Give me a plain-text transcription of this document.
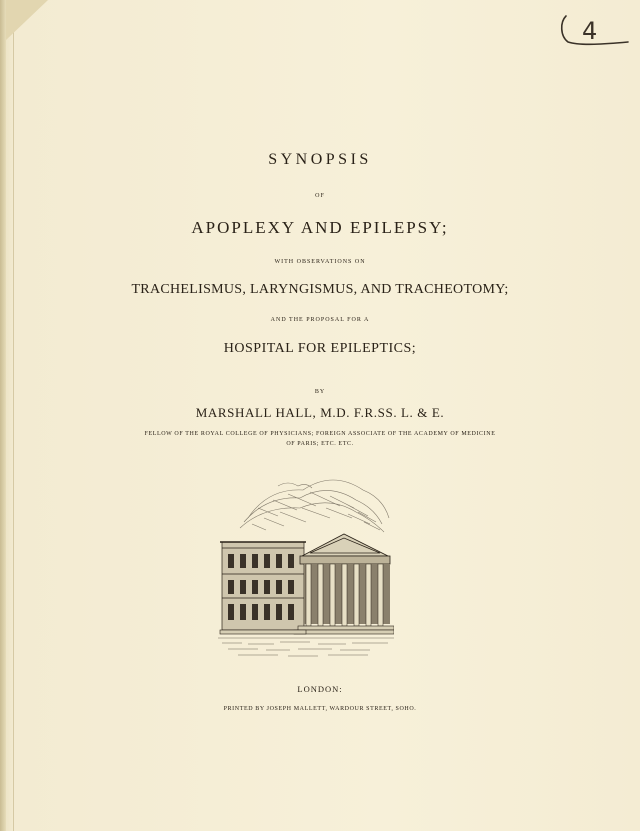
4
SYNOPSIS
OF
APOPLEXY AND EPILEPSY;
WITH OBSERVATIONS ON
TRACHELISMUS, LARYNGISMUS, AND TRACHEOTOMY;
AND THE PROPOSAL FOR A
HOSPITAL FOR EPILEPTICS;
BY
MARSHALL HALL, M.D. F.R.SS. L. & E.
FELLOW OF THE ROYAL COLLEGE OF PHYSICIANS; FOREIGN ASSOCIATE OF THE ACADEMY OF MEDICINE
OF PARIS; ETC. ETC.
LONDON:
PRINTED BY JOSEPH MALLETT, WARDOUR STREET, SOHO.
